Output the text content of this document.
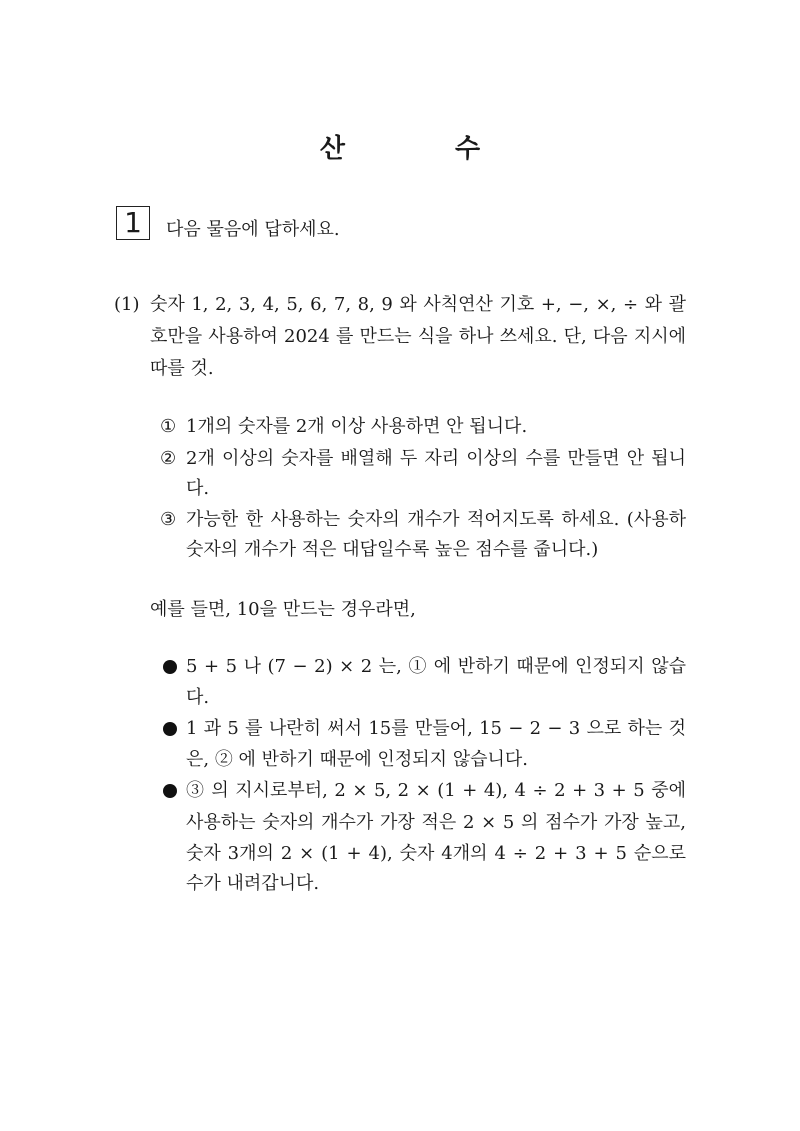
산	수
1	다음 물음에 답하세요.
(1) 숫자 1, 2, 3, 4, 5, 6, 7, 8, 9 와 사칙연산 기호 +, −, ×, ÷ 와 괄
호만을 사용하여 2024 를 만드는 식을 하나 쓰세요. 단, 다음 지시에
따를 것.
① 1개의 숫자를 2개 이상 사용하면 안 됩니다.
② 2개 이상의 숫자를 배열해 두 자리 이상의 수를 만들면 안 됩니
다.
③ 가능한 한 사용하는 숫자의 개수가 적어지도록 하세요. (사용하
숫자의 개수가 적은 대답일수록 높은 점수를 줍니다.)
예를 들면, 10을 만드는 경우라면,
5 + 5 나 (7 − 2) × 2 는, ① 에 반하기 때문에 인정되지 않습
다.
1 과 5 를 나란히 써서 15를 만들어, 15 − 2 − 3 으로 하는 것
은, ② 에 반하기 때문에 인정되지 않습니다.
③ 의 지시로부터, 2 × 5, 2 × (1 + 4), 4 ÷ 2 + 3 + 5 중에
사용하는 숫자의 개수가 가장 적은 2 × 5 의 점수가 가장 높고,
숫자 3개의 2 × (1 + 4), 숫자 4개의 4 ÷ 2 + 3 + 5 순으로
수가 내려갑니다.
